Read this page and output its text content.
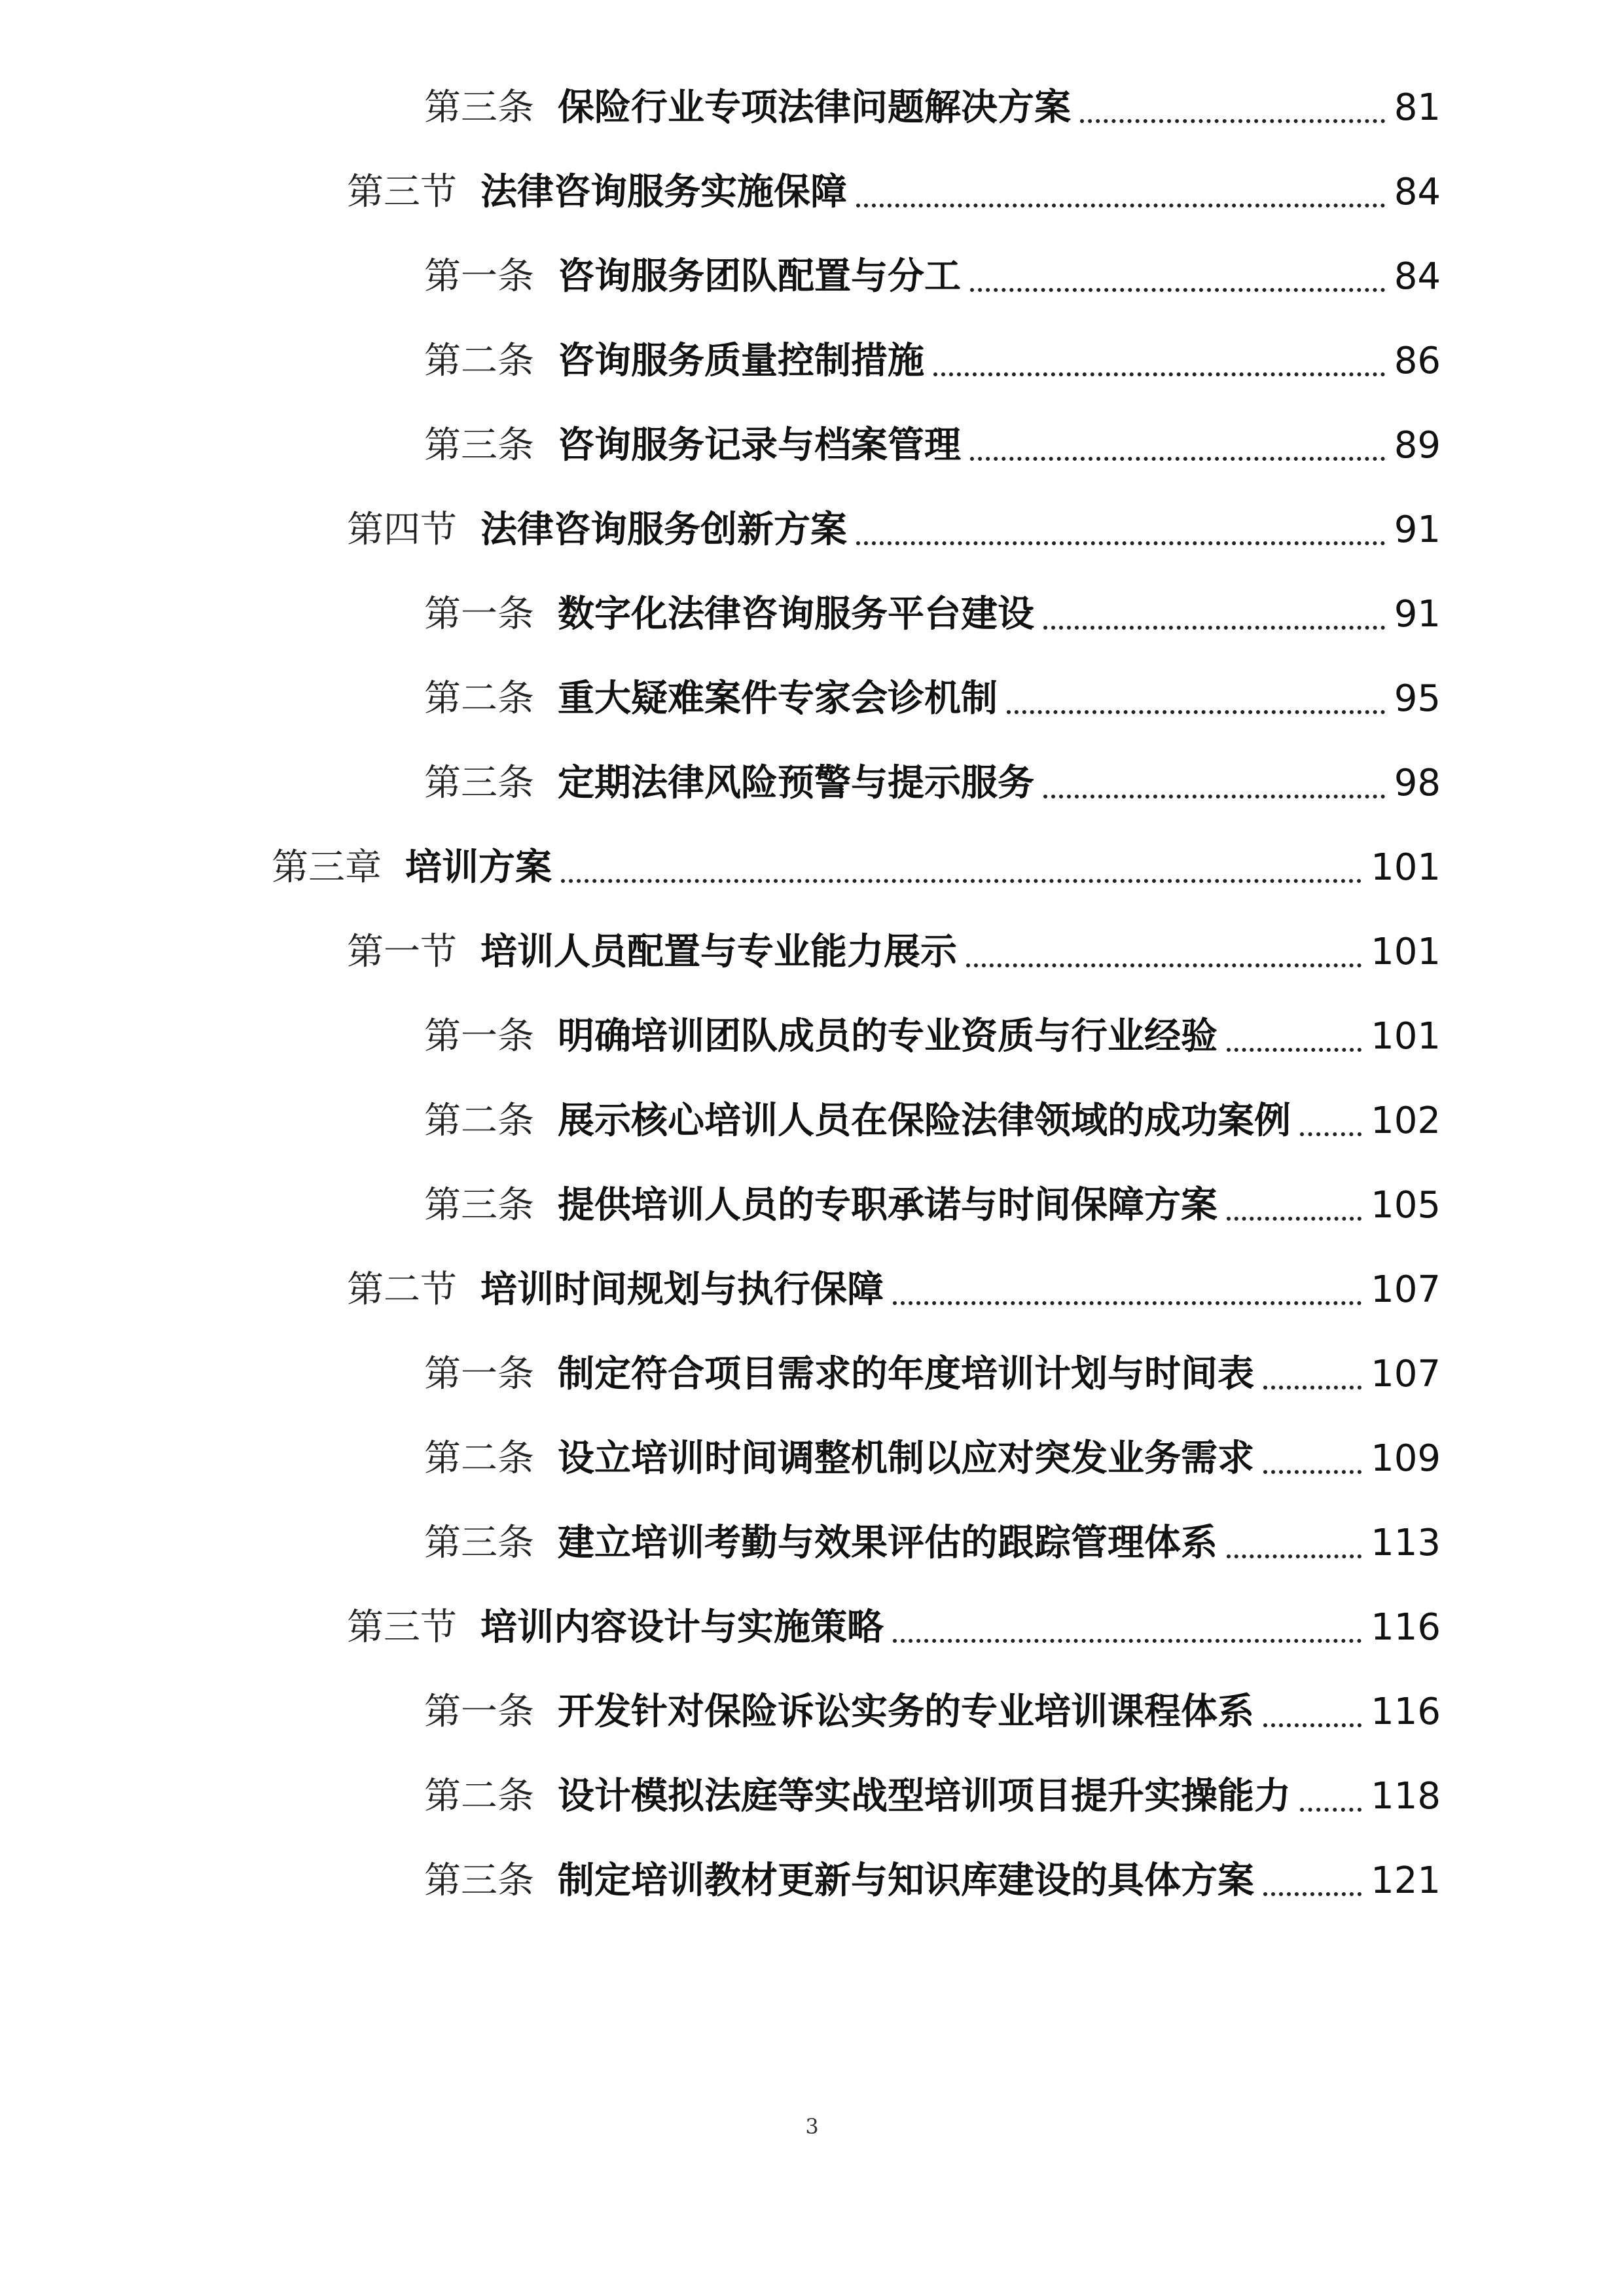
第三条 保险行业专项法律问题解决方案	81
第三节 法律咨询服务实施保障	84
第一条 咨询服务团队配置与分工	84
第二条 咨询服务质量控制措施	86
第三条 咨询服务记录与档案管理	89
第四节 法律咨询服务创新方案	91
第一条 数字化法律咨询服务平台建设	91
第二条 重大疑难案件专家会诊机制	95
第三条 定期法律风险预警与提示服务	98
第三章 培训方案	101
第一节 培训人员配置与专业能力展示	101
第一条 明确培训团队成员的专业资质与行业经验	101
第二条 展示核心培训人员在保险法律领域的成功案例 102
第三条 提供培训人员的专职承诺与时间保障方案	105
第二节 培训时间规划与执行保障	107
第一条 制定符合项目需求的年度培训计划与时间表	107
第二条 设立培训时间调整机制以应对突发业务需求	109
第三条 建立培训考勤与效果评估的跟踪管理体系	113
第三节 培训内容设计与实施策略	116
第一条 开发针对保险诉讼实务的专业培训课程体系	116
第二条 设计模拟法庭等实战型培训项目提升实操能力 118
第三条 制定培训教材更新与知识库建设的具体方案	121
3
